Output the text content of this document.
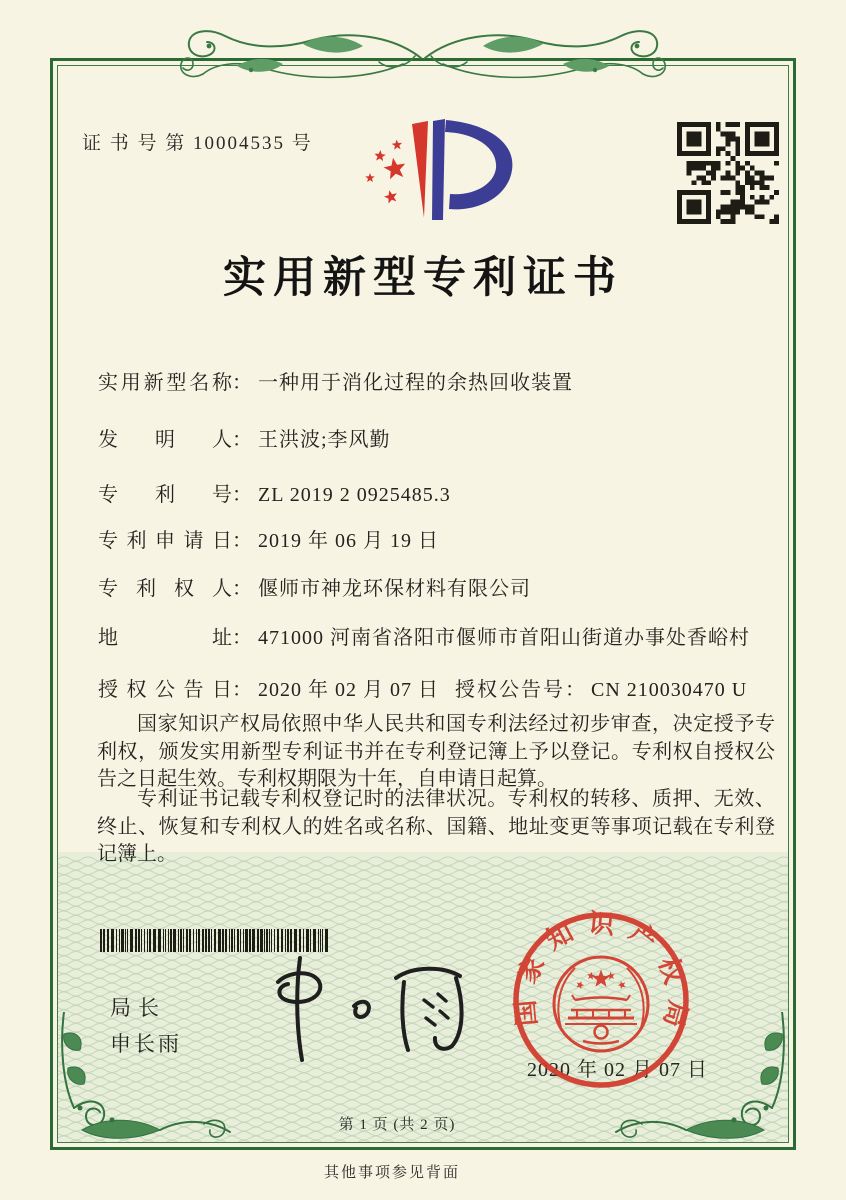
证 书 号 第 10004535 号
实用新型专利证书
实用新型名称： 一种用于消化过程的余热回收装置
发明人： 王洪波;李风勤
专利号： ZL 2019 2 0925485.3
专利申请日： 2019 年 06 月 19 日
专利权人： 偃师市神龙环保材料有限公司
地址： 471000 河南省洛阳市偃师市首阳山街道办事处香峪村
授权公告日： 2020 年 02 月 07 日 授权公告号： CN 210030470 U
国家知识产权局依照中华人民共和国专利法经过初步审查，决定授予专利权，颁发实用新型专利证书并在专利登记簿上予以登记。专利权自授权公告之日起生效。专利权期限为十年，自申请日起算。
专利证书记载专利权登记时的法律状况。专利权的转移、质押、无效、终止、恢复和专利权人的姓名或名称、国籍、地址变更等事项记载在专利登记簿上。
局长
申长雨
2020 年 02 月 07 日
国家知识产权局
第 1 页 (共 2 页)
其他事项参见背面
